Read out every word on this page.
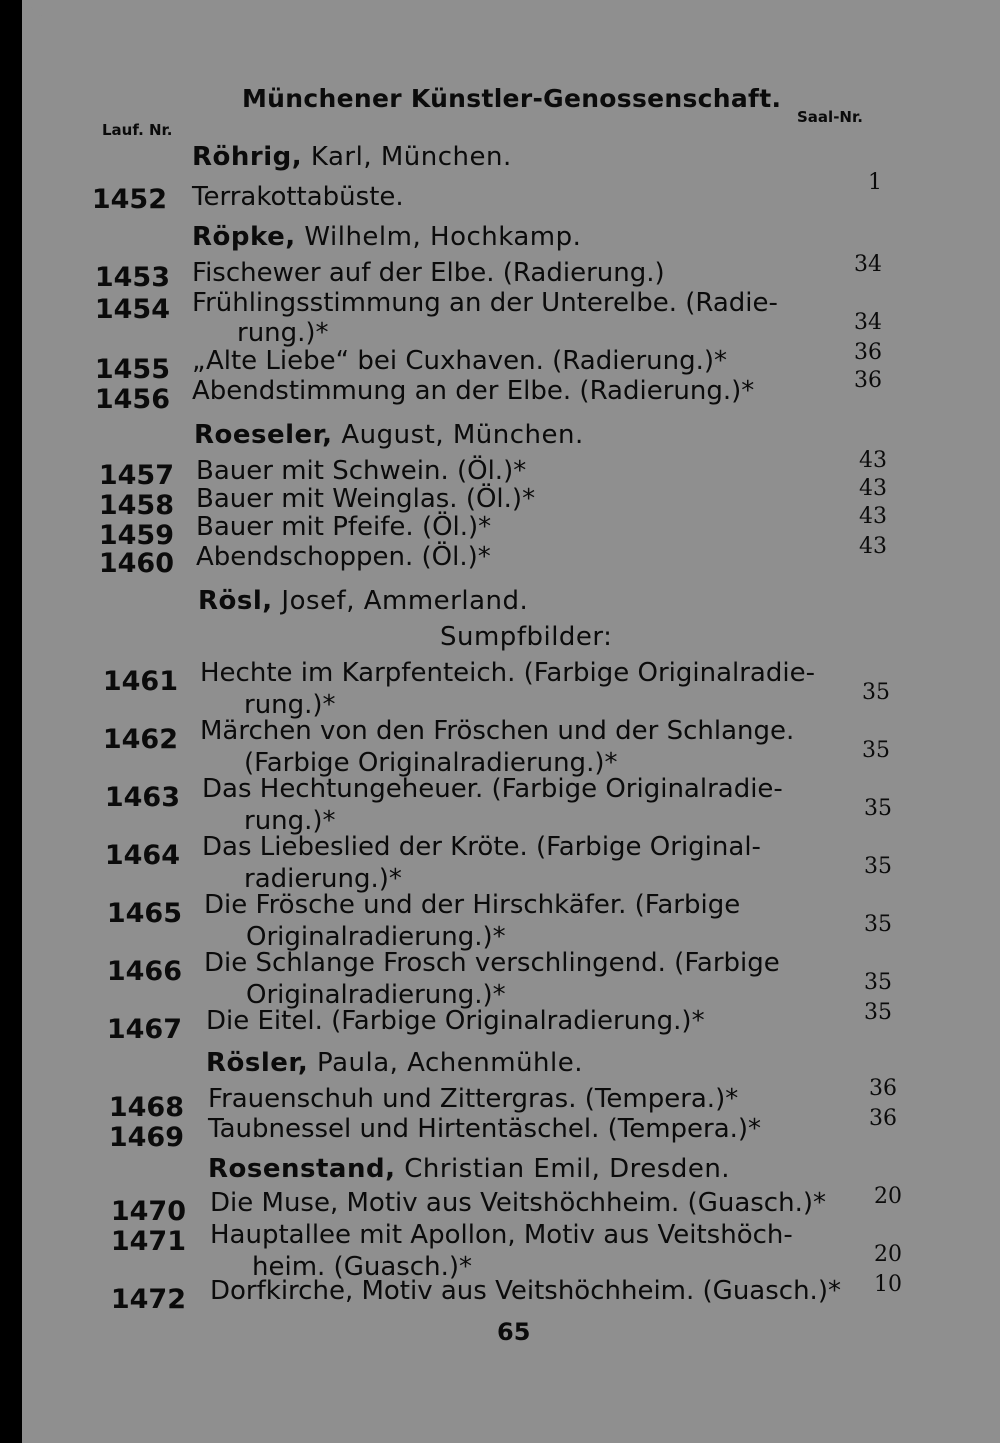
Münchener Künstler-Genossenschaft.
Lauf. Nr.
Saal-Nr.
Röhrig, Karl, München.
1452 Terrakottabüste.	1
Röpke, Wilhelm, Hochkamp.
1453 Fischewer auf der Elbe. (Radierung.)	34
1454 Frühlingsstimmung an der Unterelbe. (Radie-
rung.)*	34
1455 „Alte Liebe“ bei Cuxhaven. (Radierung.)*	36
1456 Abendstimmung an der Elbe. (Radierung.)*	36
Roeseler, August, München.
1457 Bauer mit Schwein. (Öl.)*	43
1458 Bauer mit Weinglas. (Öl.)*	43
1459 Bauer mit Pfeife. (Öl.)*	43
1460 Abendschoppen. (Öl.)*	43
Rösl, Josef, Ammerland.
Sumpfbilder:
1461 Hechte im Karpfenteich. (Farbige Originalradie-
rung.)*	35
1462 Märchen von den Fröschen und der Schlange.
(Farbige Originalradierung.)*	35
1463 Das Hechtungeheuer. (Farbige Originalradie-
rung.)*	35
1464 Das Liebeslied der Kröte. (Farbige Original-
radierung.)*	35
1465 Die Frösche und der Hirschkäfer. (Farbige
Originalradierung.)*	35
1466 Die Schlange Frosch verschlingend. (Farbige
Originalradierung.)*	35
1467 Die Eitel. (Farbige Originalradierung.)*	35
Rösler, Paula, Achenmühle.
1468 Frauenschuh und Zittergras. (Tempera.)*	36
1469 Taubnessel und Hirtentäschel. (Tempera.)*	36
Rosenstand, Christian Emil, Dresden.
1470 Die Muse, Motiv aus Veitshöchheim. (Guasch.)*	20
1471 Hauptallee mit Apollon, Motiv aus Veitshöch-
heim. (Guasch.)*	20
1472 Dorfkirche, Motiv aus Veitshöchheim. (Guasch.)*	10
65
